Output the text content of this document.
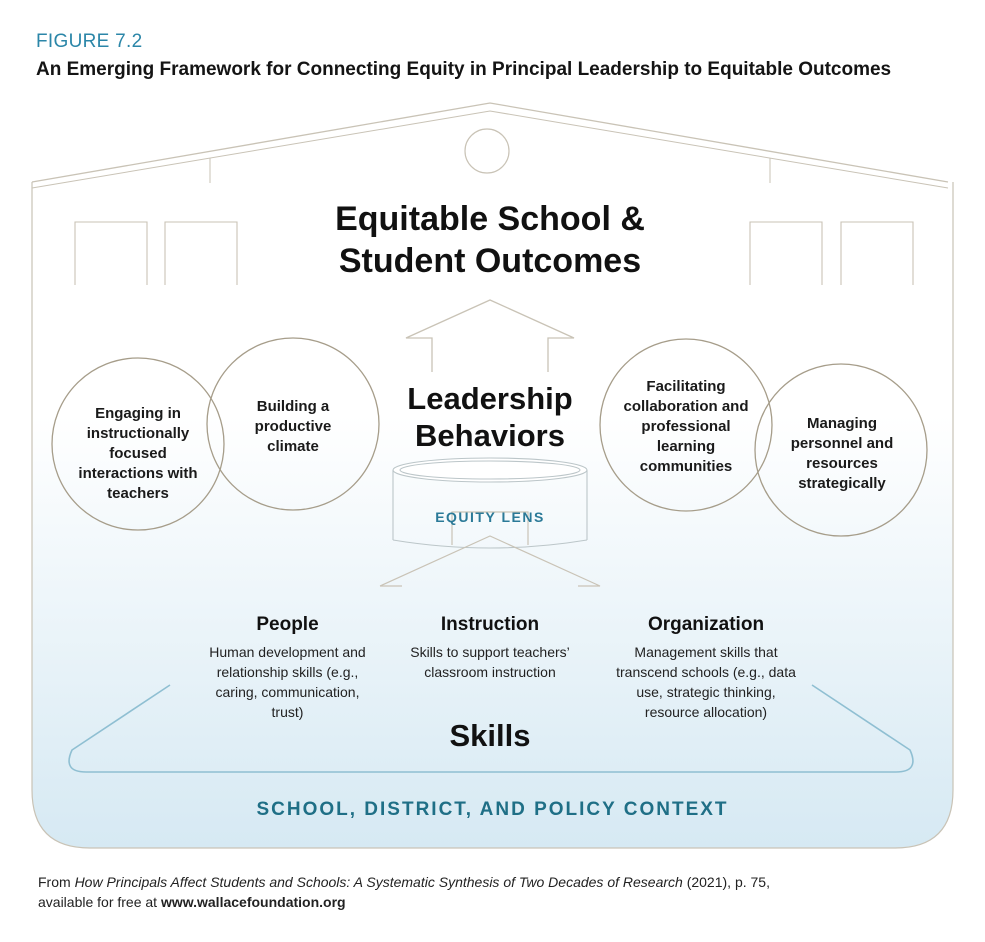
FIGURE 7.2
An Emerging Framework for Connecting Equity in Principal Leadership to Equitable Outcomes
Equitable School &
Student Outcomes
Leadership
Behaviors
Engaging in instructionally focused interactions with teachers
Building a productive climate
Facilitating collaboration and professional learning communities
Managing personnel and resources strategically
EQUITY LENS
People
Human development and relationship skills (e.g., caring, communication, trust)
Instruction
Skills to support teachers’ classroom instruction
Organization
Management skills that transcend schools (e.g., data use, strategic thinking, resource allocation)
Skills
SCHOOL, DISTRICT, AND POLICY CONTEXT
From How Principals Affect Students and Schools: A Systematic Synthesis of Two Decades of Research (2021), p. 75,
available for free at www.wallacefoundation.org
